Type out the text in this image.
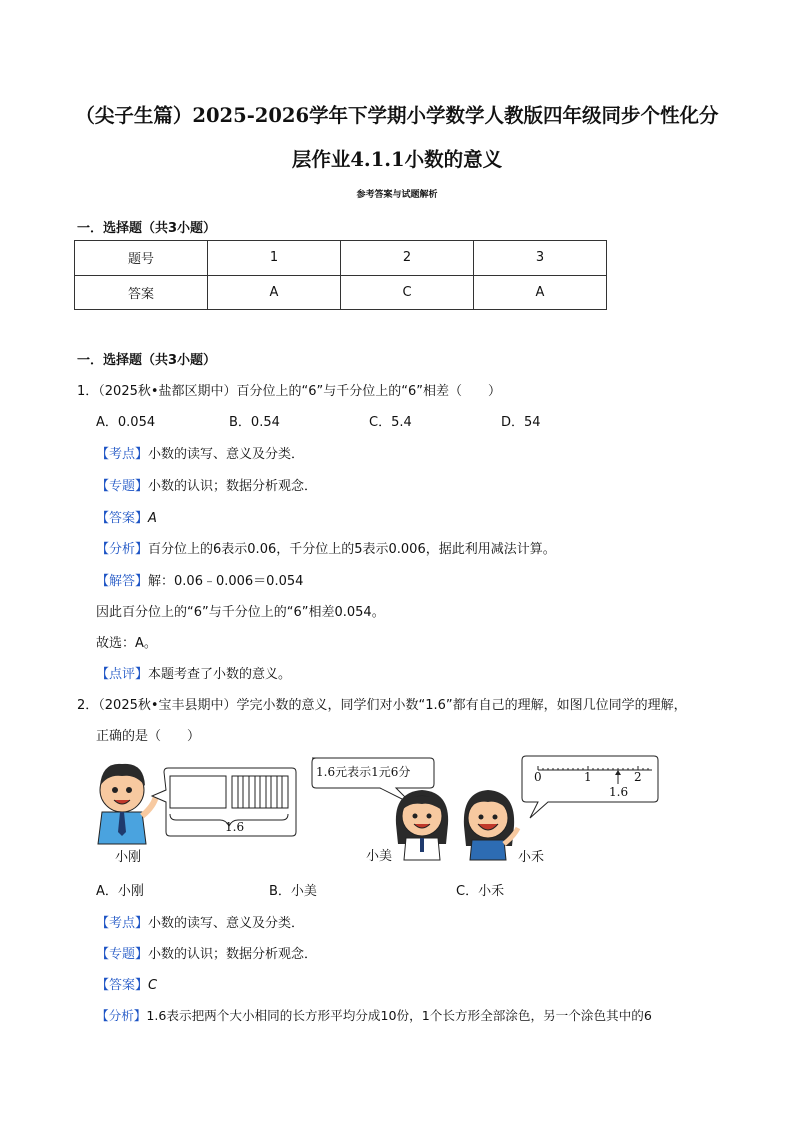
（尖子生篇）2025-2026学年下学期小学数学人教版四年级同步个性化分
层作业4.1.1小数的意义
参考答案与试题解析
一．选择题（共3小题）
题号	1	2	3
答案	A	C	A
一．选择题（共3小题）
1．（2025秋•盐都区期中）百分位上的“6”与千分位上的“6”相差（　　）
A．0.054	B．0.54	C．5.4	D．54
【考点】小数的读写、意义及分类．
【专题】小数的认识；数据分析观念．
【答案】A
【分析】百分位上的6表示0.06，千分位上的5表示0.006，据此利用减法计算。
【解答】解：0.06﹣0.006＝0.054
因此百分位上的“6”与千分位上的“6”相差0.054。
故选：A。
【点评】本题考查了小数的意义。
2．（2025秋•宝丰县期中）学完小数的意义，同学们对小数“1.6”都有自己的理解，如图几位同学的理解，
正确的是（　　）
1.6
小刚
1.6元表示1元6分
小美
0	1	2
1.6
小禾
A．小刚	B．小美	C．小禾
【考点】小数的读写、意义及分类．
【专题】小数的认识；数据分析观念．
【答案】C
【分析】1.6表示把两个大小相同的长方形平均分成10份，1个长方形全部涂色，另一个涂色其中的6
